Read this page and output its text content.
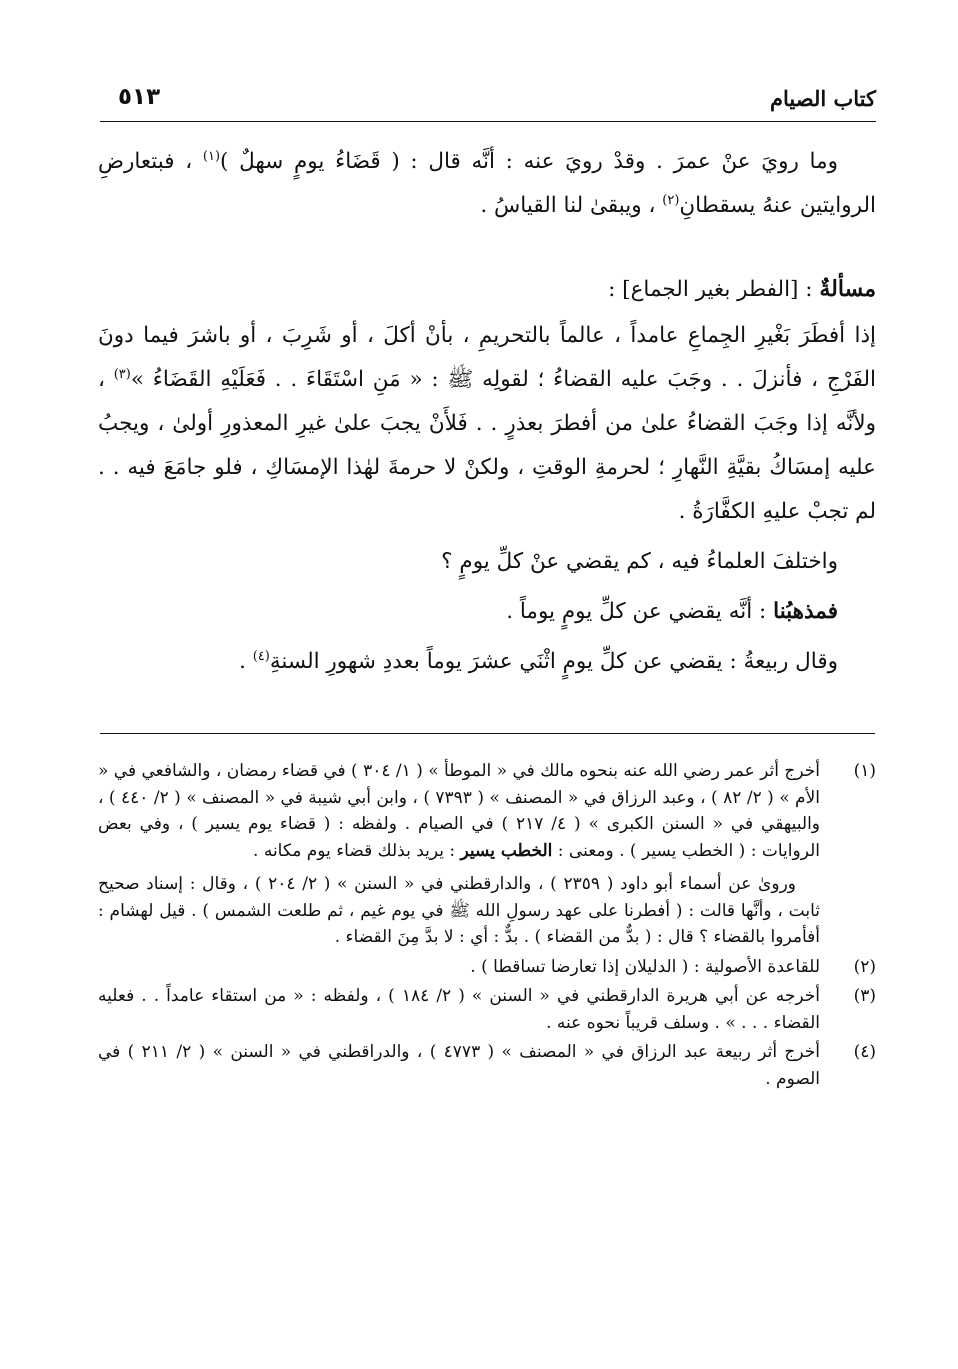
كتاب الصيام
٥١٣

وما رويَ عنْ عمرَ . وقدْ رويَ عنه : أنَّه قال : ( قَضَاءُ يومٍ سهلٌ )$^{(١)}$ ، فبتعارضِ الروايتين عنهُ يسقطانِ$^{(٢)}$ ، ويبقىٰ لنا القياسُ .

مسألةٌ : [الفطر بغير الجماع] :

إذا أفطَرَ بَغْيرِ الجِماعِ عامداً ، عالماً بالتحريمِ ، بأنْ أكلَ ، أو شَرِبَ ، أو باشرَ فيما دونَ الفَرْجِ ، فأنزلَ . . وجَبَ عليه القضاءُ ؛ لقولِه ﷺ : « مَنِ اسْتَقَاءَ . . فَعَلَيْهِ القَضَاءُ »$^{(٣)}$ ، ولأنَّه إذا وجَبَ القضاءُ علىٰ من أفطرَ بعذرٍ . . فَلأَنْ يجبَ علىٰ غيرِ المعذورِ أولىٰ ، ويجبُ عليه إمسَاكُ بقيَّةِ النَّهارِ ؛ لحرمةِ الوقتِ ، ولكنْ لا حرمةَ لهٰذا الإمسَاكِ ، فلو جامَعَ فيه . . لم تجبْ عليهِ الكفَّارَةُ .

واختلفَ العلماءُ فيه ، كم يقضي عنْ كلِّ يومٍ ؟

فمذهبُنا : أنَّه يقضي عن كلِّ يومٍ يوماً .

وقال ربيعةُ : يقضي عن كلِّ يومٍ اثْنَي عشرَ يوماً بعددِ شهورِ السنةِ$^{(٤)}$ .

(١)

أخرج أثر عمر رضي الله عنه بنحوه مالك في « الموطأ » ( ١/ ٣٠٤ ) في قضاء رمضان ، والشافعي في « الأم » ( ٢/ ٨٢ ) ، وعبد الرزاق في « المصنف » ( ٧٣٩٣ ) ، وابن أبي شيبة في « المصنف » ( ٢/ ٤٤٠ ) ، والبيهقي في « السنن الكبرى » ( ٤/ ٢١٧ ) في الصيام . ولفظه : ( قضاء يوم يسير ) ، وفي بعض الروايات : ( الخطب يسير ) . ومعنى : الخطب يسير : يريد بذلك قضاء يوم مكانه .

وروىٰ عن أسماء أبو داود ( ٢٣٥٩ ) ، والدارقطني في « السنن » ( ٢/ ٢٠٤ ) ، وقال : إسناد صحيح ثابت ، وأنَّها قالت : ( أفطرنا على عهد رسولِ الله ﷺ في يوم غيم ، ثم طلعت الشمس ) . قيل لهشام : أفأمروا بالقضاء ؟ قال : ( بدٌّ من القضاء ) . بدٌّ : أي : لا بدَّ مِنَ القضاء .

(٢)

للقاعدة الأصولية : ( الدليلان إذا تعارضا تساقطا ) .

(٣)

أخرجه عن أبي هريرة الدارقطني في « السنن » ( ٢/ ١٨٤ ) ، ولفظه : « من استقاء عامداً . . فعليه القضاء . . . » . وسلف قريباً نحوه عنه .

(٤)

أخرج أثر ربيعة عبد الرزاق في « المصنف » ( ٤٧٧٣ ) ، والدراقطني في « السنن » ( ٢/ ٢١١ ) في الصوم .
